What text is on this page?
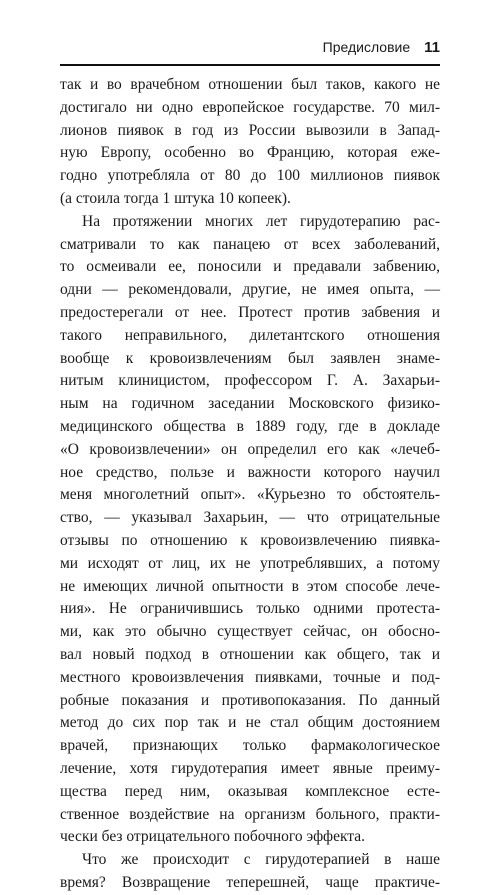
Предисловие 11
так и во врачебном отношении был таков, какого не
достигало ни одно европейское государстве. 70 мил-
лионов пиявок в год из России вывозили в Запад-
ную Европу, особенно во Францию, которая еже-
годно употребляла от 80 до 100 миллионов пиявок
(а стоила тогда 1 штука 10 копеек).
На протяжении многих лет гирудотерапию рас-
сматривали то как панацею от всех заболеваний,
то осмеивали ее, поносили и предавали забвению,
одни — рекомендовали, другие, не имея опыта, —
предостерегали от нее. Протест против забвения и
такого неправильного, дилетантского отношения
вообще к кровоизвлечениям был заявлен знаме-
нитым клиницистом, профессором Г. А. Захарьи-
ным на годичном заседании Московского физико-
медицинского общества в 1889 году, где в докладе
«О кровоизвлечении» он определил его как «лечеб-
ное средство, пользе и важности которого научил
меня многолетний опыт». «Курьезно то обстоятель-
ство, — указывал Захарьин, — что отрицательные
отзывы по отношению к кровоизвлечению пиявка-
ми исходят от лиц, их не употреблявших, а потому
не имеющих личной опытности в этом способе лече-
ния». Не ограничившись только одними протеста-
ми, как это обычно существует сейчас, он обосно-
вал новый подход в отношении как общего, так и
местного кровоизвлечения пиявками, точные и под-
робные показания и противопоказания. По данный
метод до сих пор так и не стал общим достоянием
врачей, признающих только фармакологическое
лечение, хотя гирудотерапия имеет явные преиму-
щества перед ним, оказывая комплексное есте-
ственное воздействие на организм больного, практи-
чески без отрицательного побочного эффекта.
Что же происходит с гирудотерапией в наше
время? Возвращение теперешней, чаще практиче-
